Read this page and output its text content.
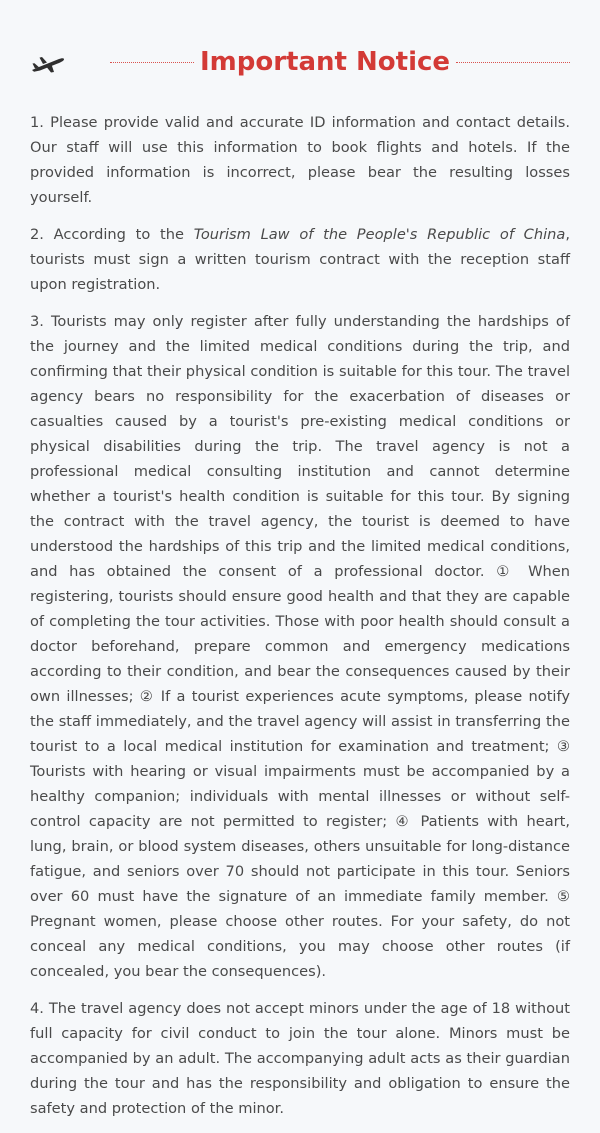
Important Notice

1. Please provide valid and accurate ID information and contact details. Our staff will use this information to book flights and hotels. If the provided information is incorrect, please bear the resulting losses yourself.

2. According to the Tourism Law of the People's Republic of China, tourists must sign a written tourism contract with the reception staff upon registration.

3. Tourists may only register after fully understanding the hardships of the journey and the limited medical conditions during the trip, and confirming that their physical condition is suitable for this tour. The travel agency bears no responsibility for the exacerbation of diseases or casualties caused by a tourist's pre-existing medical conditions or physical disabilities during the trip. The travel agency is not a professional medical consulting institution and cannot determine whether a tourist's health condition is suitable for this tour. By signing the contract with the travel agency, the tourist is deemed to have understood the hardships of this trip and the limited medical conditions, and has obtained the consent of a professional doctor. ① When registering, tourists should ensure good health and that they are capable of completing the tour activities. Those with poor health should consult a doctor beforehand, prepare common and emergency medications according to their condition, and bear the consequences caused by their own illnesses; ② If a tourist experiences acute symptoms, please notify the staff immediately, and the travel agency will assist in transferring the tourist to a local medical institution for examination and treatment; ③ Tourists with hearing or visual impairments must be accompanied by a healthy companion; individuals with mental illnesses or without self-control capacity are not permitted to register; ④ Patients with heart, lung, brain, or blood system diseases, others unsuitable for long-distance fatigue, and seniors over 70 should not participate in this tour. Seniors over 60 must have the signature of an immediate family member. ⑤ Pregnant women, please choose other routes. For your safety, do not conceal any medical conditions, you may choose other routes (if concealed, you bear the consequences).

4. The travel agency does not accept minors under the age of 18 without full capacity for civil conduct to join the tour alone. Minors must be accompanied by an adult. The accompanying adult acts as their guardian during the tour and has the responsibility and obligation to ensure the safety and protection of the minor.
